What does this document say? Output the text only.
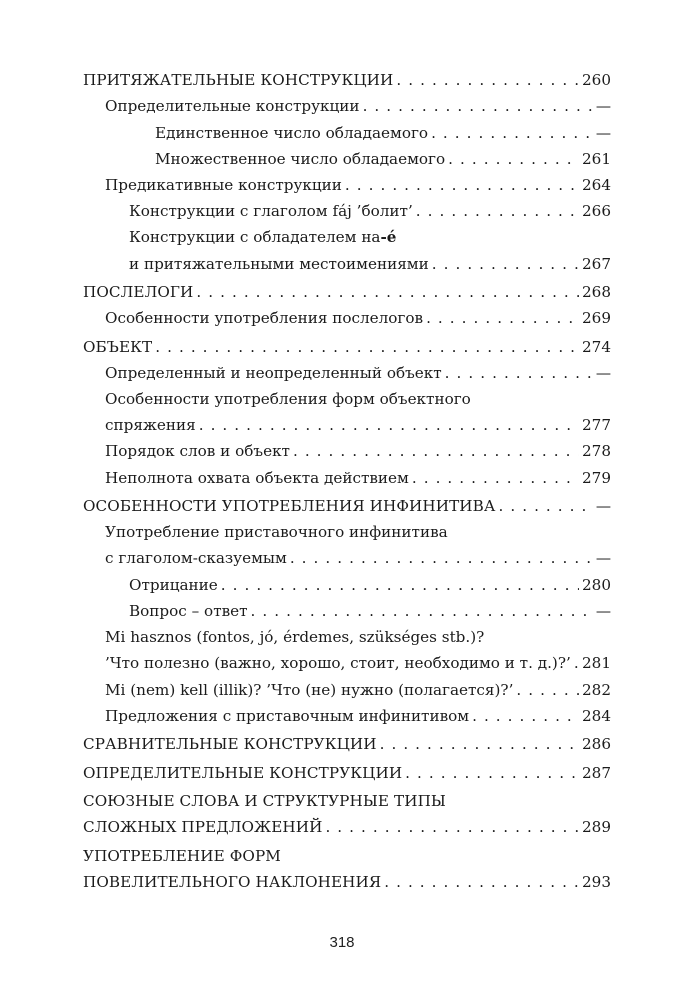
ПРИТЯЖАТЕЛЬНЫЕ КОНСТРУКЦИИ . . .	260
Определительные конструкции . . .	—
Единственное число обладаемого . . .	—
Множественное число обладаемого . . .	261
Предикативные конструкции . . .	264
Конструкции с глаголом fáj ’болит’ . . .	266
Конструкции с обладателем на -é
и притяжательными местоимениями . . .	267
ПОСЛЕЛОГИ . . .	268
Особенности употребления послелогов . . .	269
ОБЪЕКТ . . .	274
Определенный и неопределенный объект . . .	—
Особенности употребления форм объектного
спряжения . . .	277
Порядок слов и объект . . .	278
Неполнота охвата объекта действием . . .	279
ОСОБЕННОСТИ УПОТРЕБЛЕНИЯ ИНФИНИТИВА . . .	—
Употребление приставочного инфинитива
с глаголом-сказуемым . . .	—
Отрицание . . .	280
Вопрос – ответ . . .	—
Mi hasznos (fontos, jó, érdemes, szükséges stb.)?
’Что полезно (важно, хорошо, стоит, необходимо и т. д.)?’ . . . 281
Mi (nem) kell (illik)? ’Что (не) нужно (полагается)?’ . . .	282
Предложения с приставочным инфинитивом . . .	284
СРАВНИТЕЛЬНЫЕ КОНСТРУКЦИИ . . .	286
ОПРЕДЕЛИТЕЛЬНЫЕ КОНСТРУКЦИИ . . .	287
СОЮЗНЫЕ СЛОВА И СТРУКТУРНЫЕ ТИПЫ
СЛОЖНЫХ ПРЕДЛОЖЕНИЙ . . .	289
УПОТРЕБЛЕНИЕ ФОРМ
ПОВЕЛИТЕЛЬНОГО НАКЛОНЕНИЯ . . .	293
318
